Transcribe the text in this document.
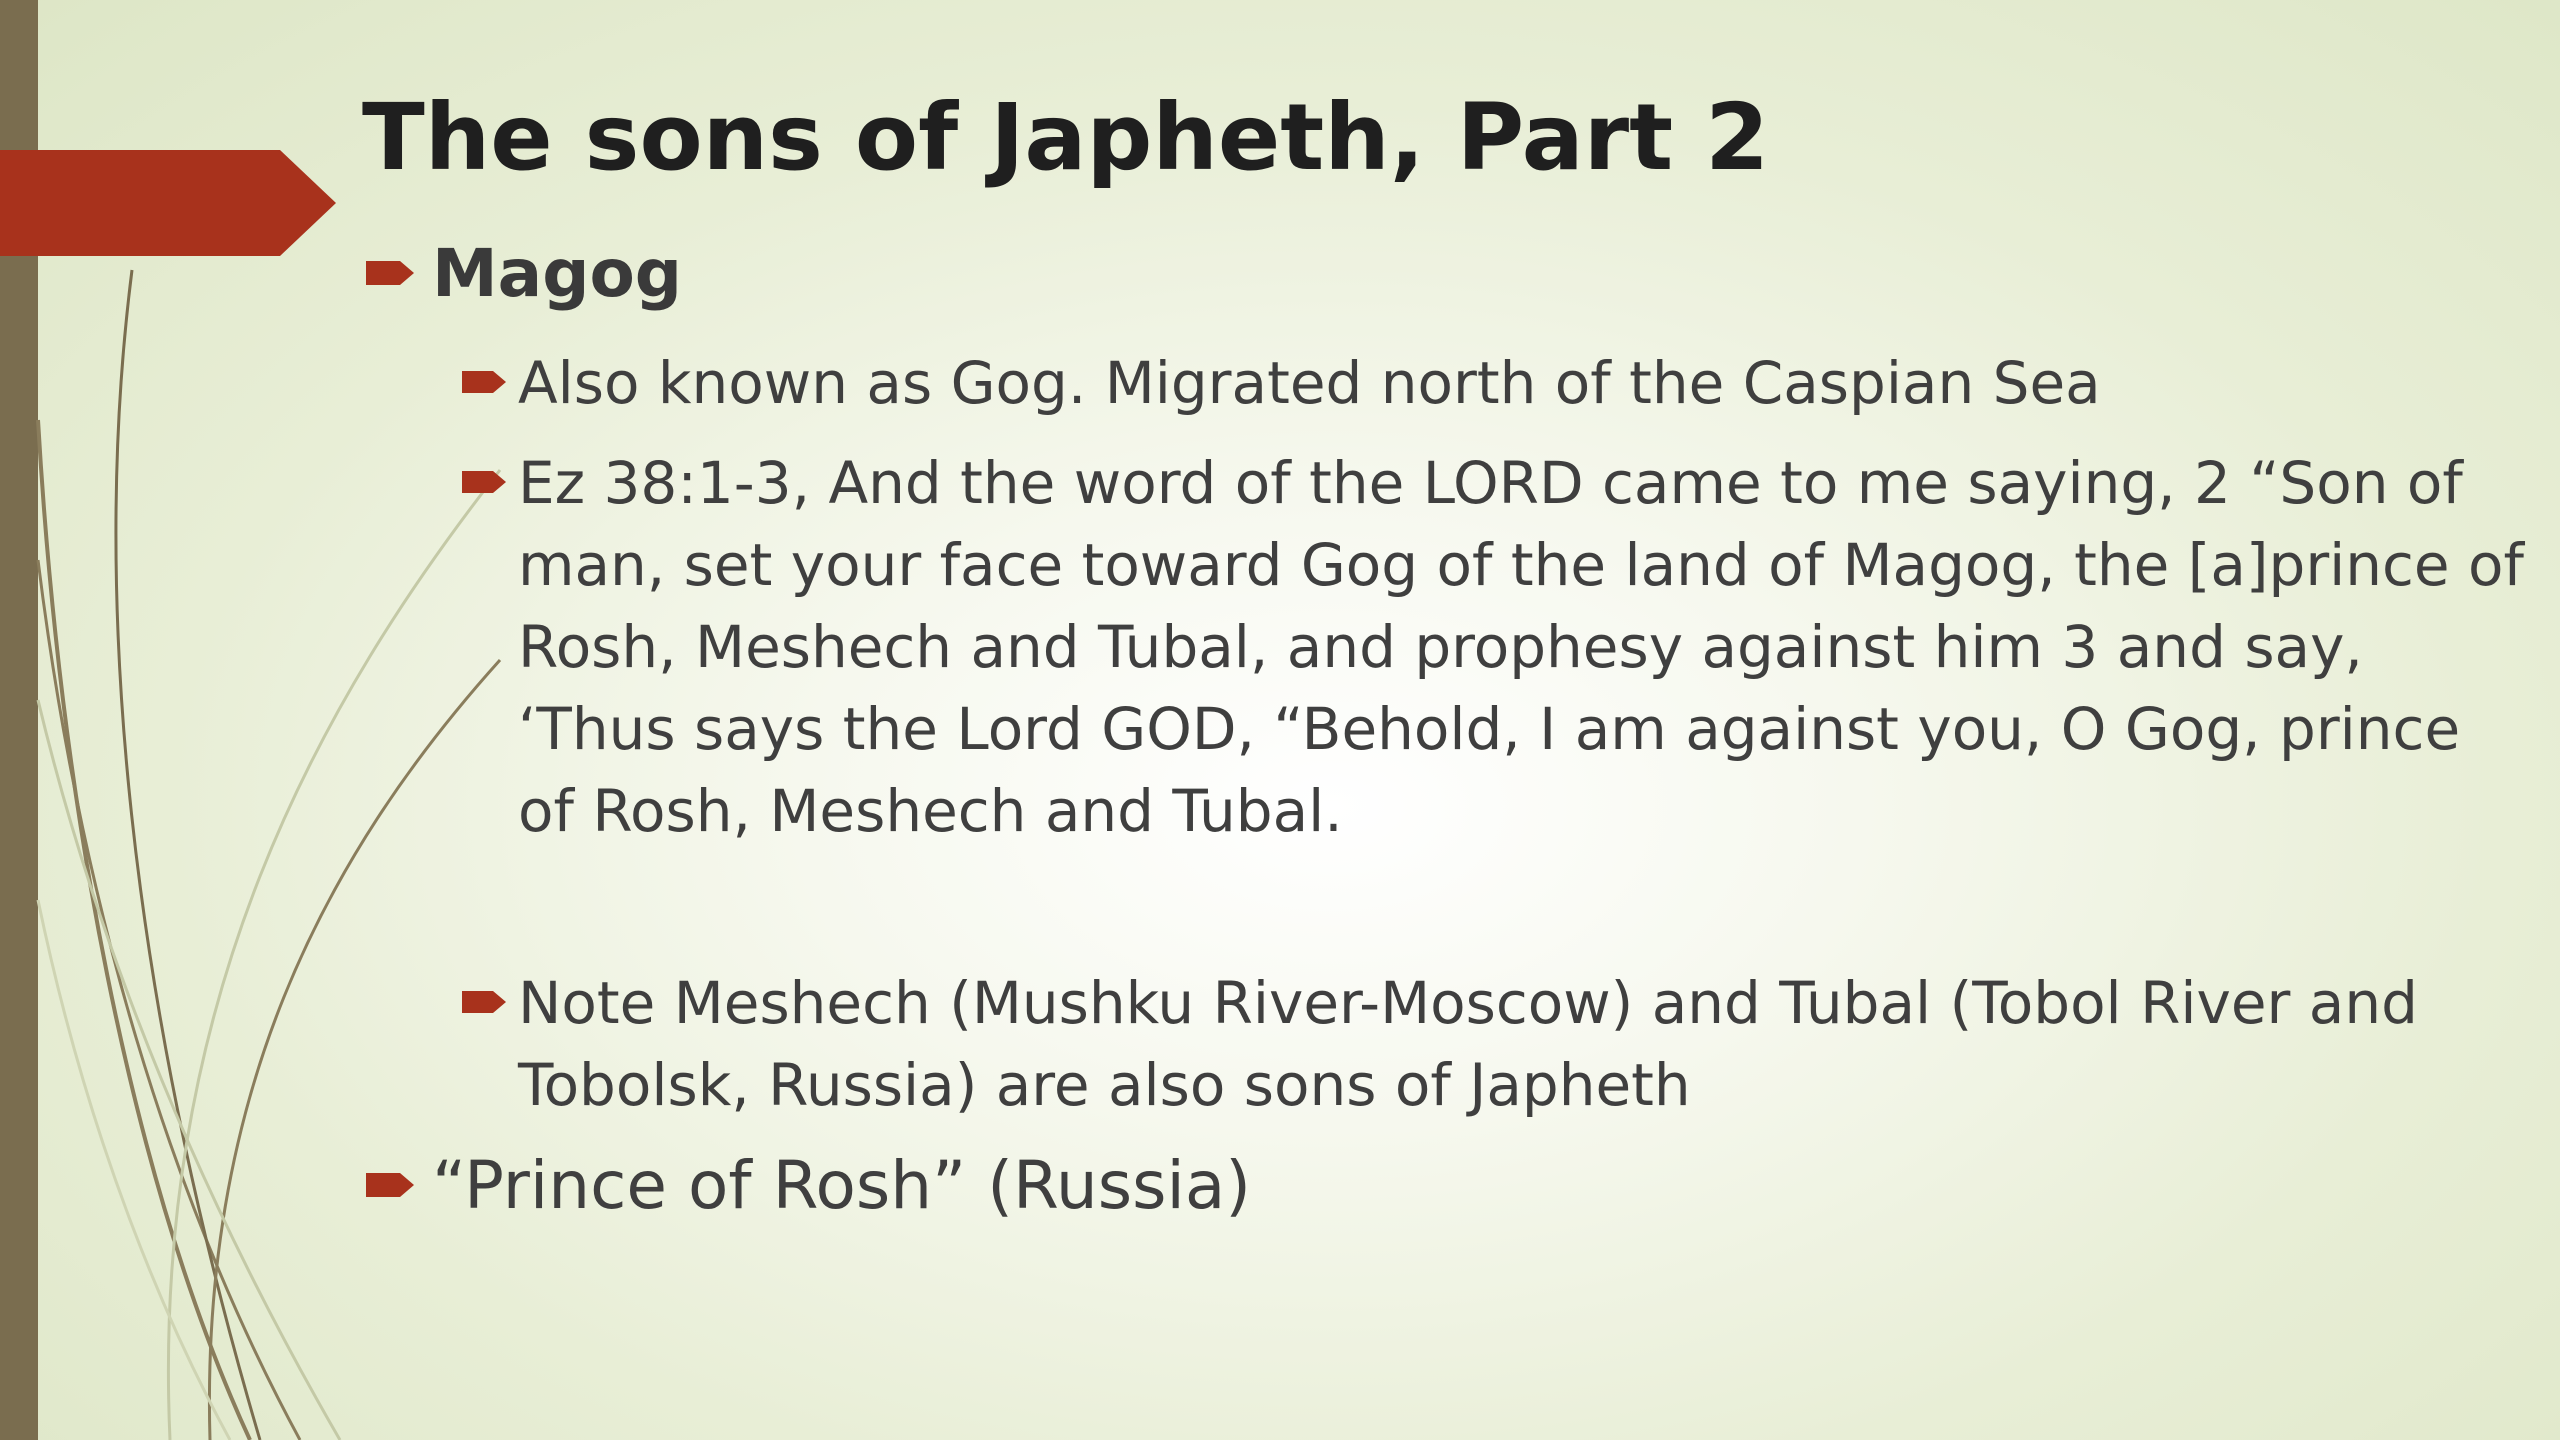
The sons of Japheth, Part 2
Magog
Also known as Gog. Migrated north of the Caspian Sea
Ez 38:1-3, And the word of the LORD came to me saying, 2 “Son of man, set your face toward Gog of the land of Magog, the [a]prince of Rosh, Meshech and Tubal, and prophesy against him 3 and say, ‘Thus says the Lord GOD, “Behold, I am against you, O Gog, prince of Rosh, Meshech and Tubal.
Note Meshech (Mushku River-Moscow) and Tubal (Tobol River and Tobolsk, Russia) are also sons of Japheth
“Prince of Rosh” (Russia)
